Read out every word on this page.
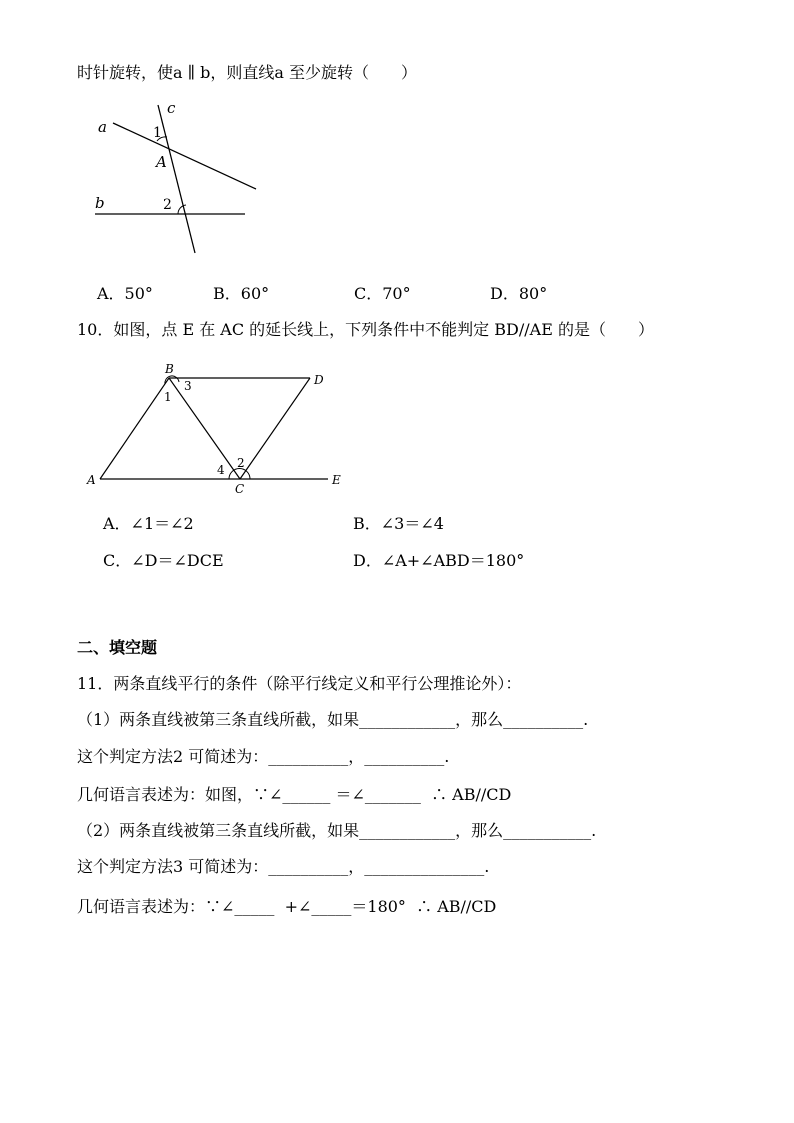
时针旋转，使a ∥ b，则直线a 至少旋转（　　）
a
c
1
A
b	2
A．50°	B．60°	C．70°	D．80°
10．如图，点 E 在 AC 的延长线上，下列条件中不能判定 BD//AE 的是（　　）
B
D
3
1
4 2
A
C
E
A．∠1＝∠2	B．∠3＝∠4
C．∠D＝∠DCE	D．∠A+∠ABD＝180°
二、填空题
11．两条直线平行的条件（除平行线定义和平行公理推论外）：
（1）两条直线被第三条直线所截，如果____________，那么__________.
这个判定方法2 可简述为：__________，__________.
几何语言表述为：如图，∵∠______ ＝∠_______  ∴ AB//CD
（2）两条直线被第三条直线所截，如果____________，那么___________.
这个判定方法3 可简述为：__________，_______________.
几何语言表述为：∵∠_____  +∠_____＝180°  ∴ AB//CD
